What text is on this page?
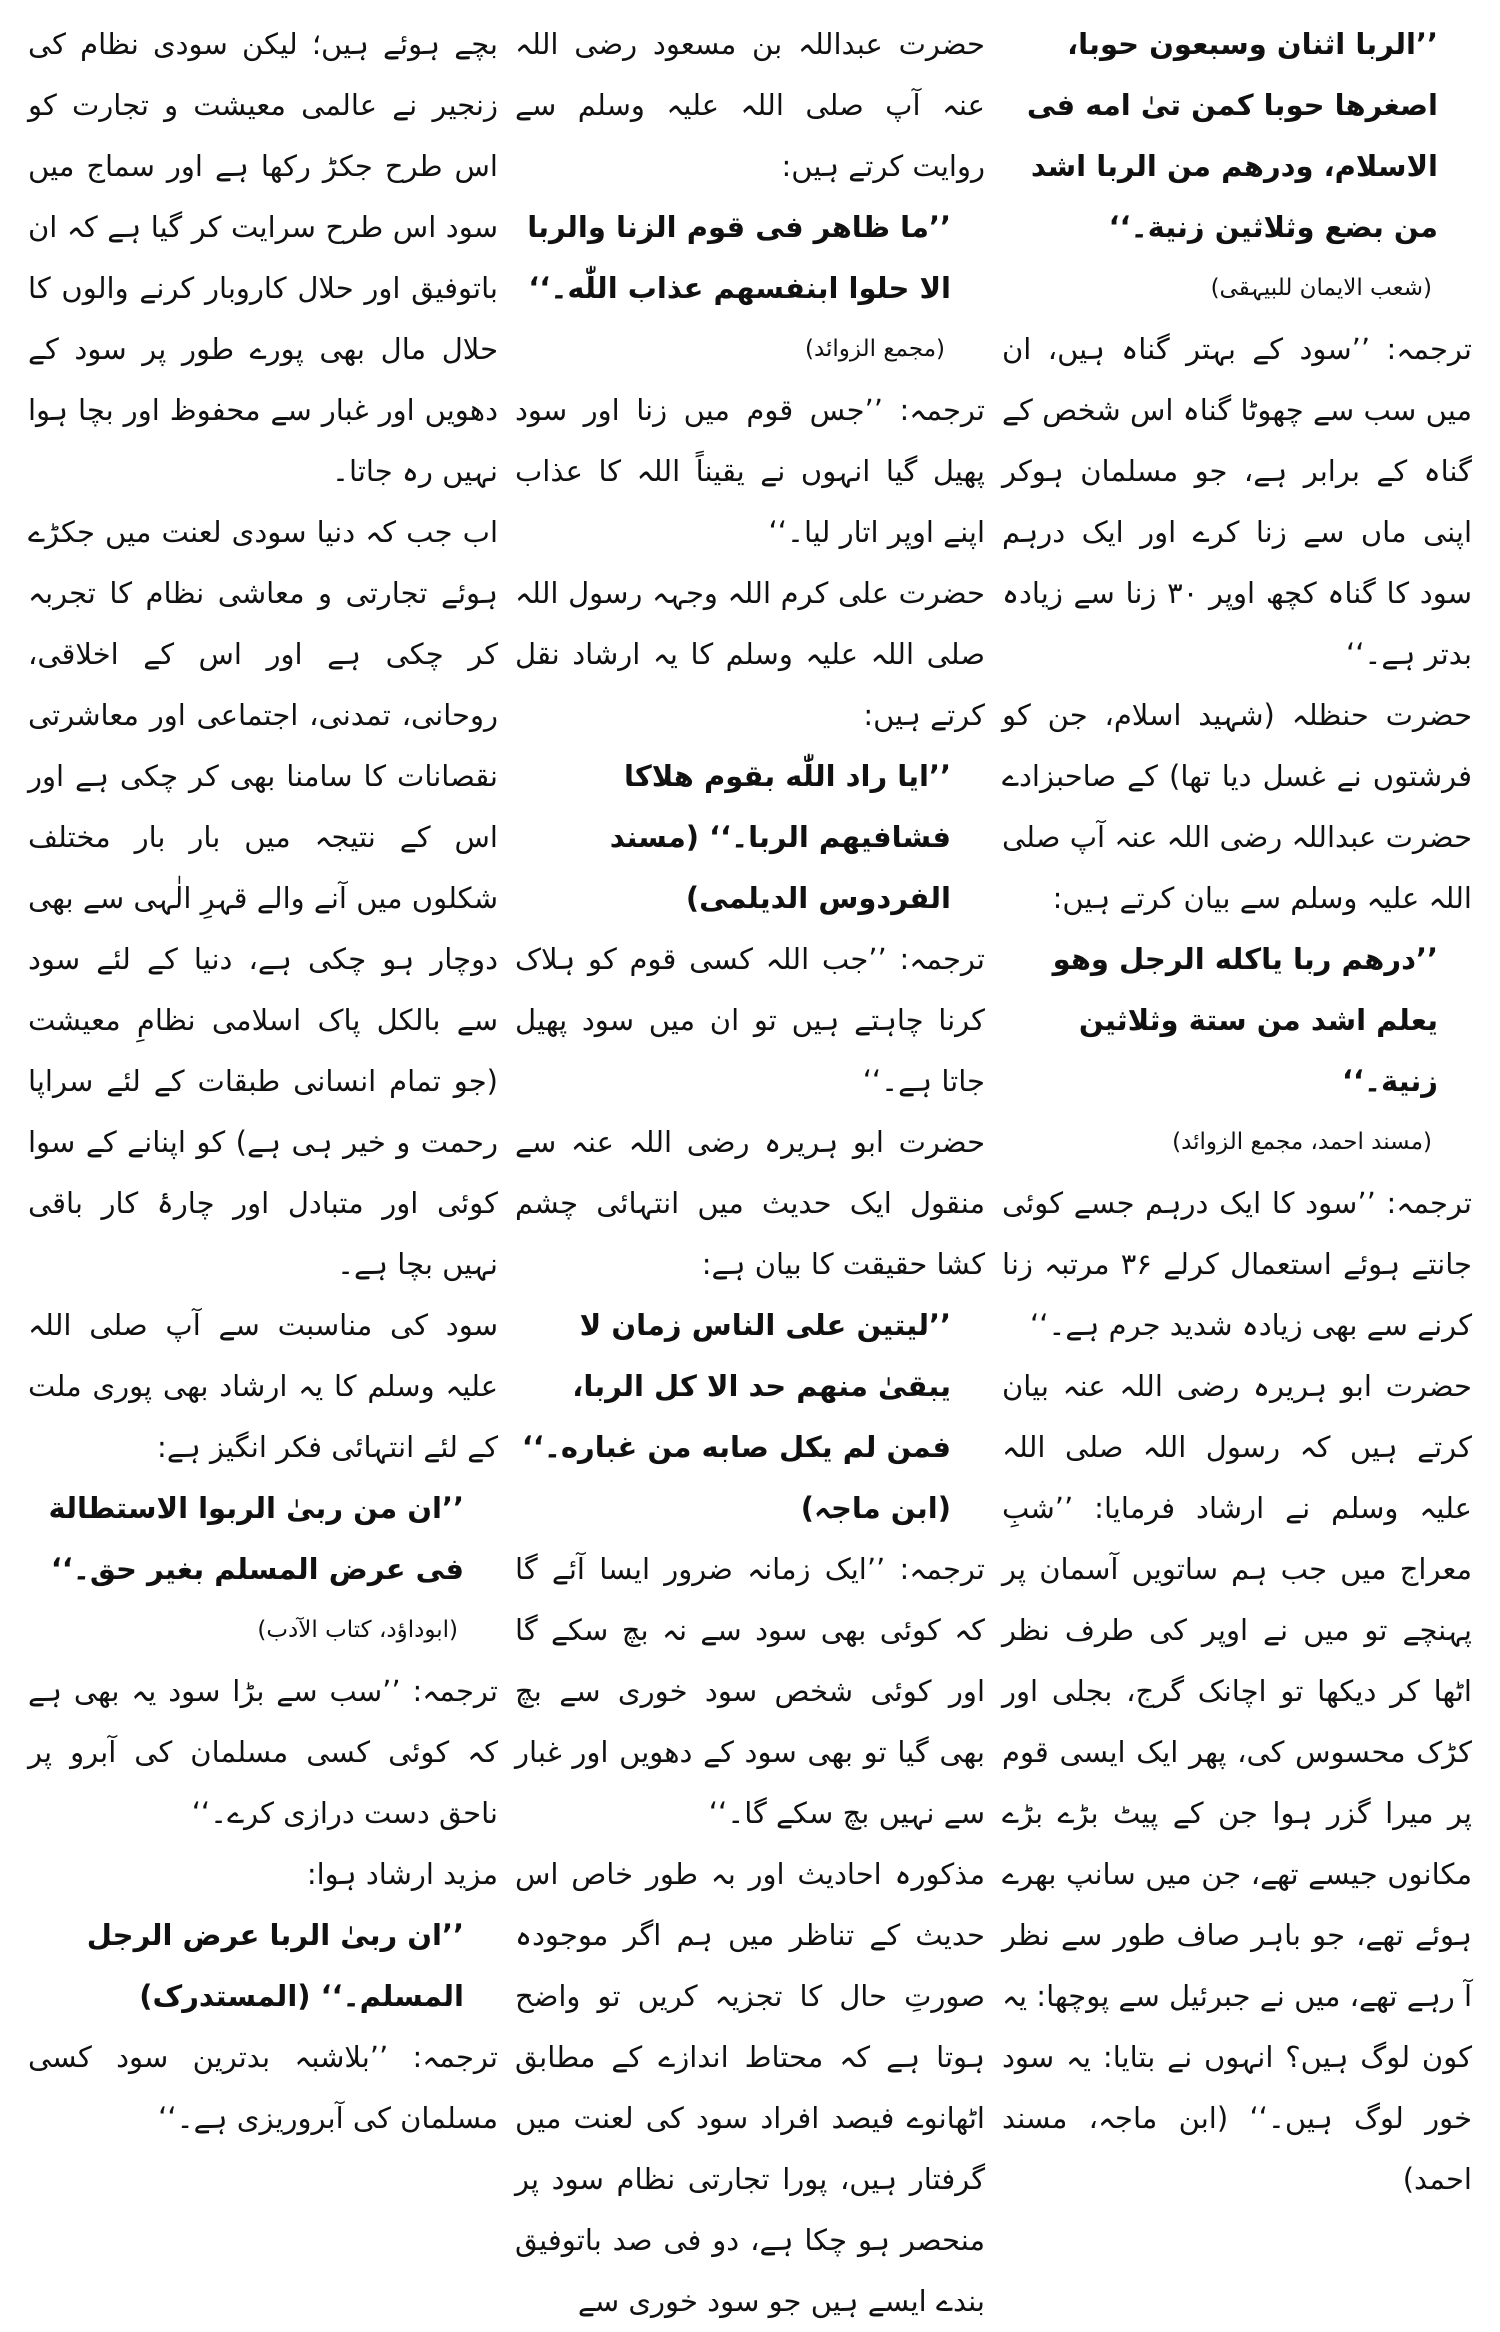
’’الربا اثنان وسبعون حوبا، اصغرها حوبا کمن تیٰ امه فی الاسلام، ودرهم من الربا اشد من بضع وثلاثین زنیة۔‘‘

(شعب الایمان للبیہقی)

ترجمہ: ’’سود کے بہتر گناہ ہیں، ان میں سب سے چھوٹا گناہ اس شخص کے گناہ کے برابر ہے، جو مسلمان ہوکر اپنی ماں سے زنا کرے اور ایک درہم سود کا گناہ کچھ اوپر ۳۰ زنا سے زیادہ بدتر ہے۔‘‘

حضرت حنظلہ (شہید اسلام، جن کو فرشتوں نے غسل دیا تھا) کے صاحبزادے حضرت عبداللہ رضی اللہ عنہ آپ صلی اللہ علیہ وسلم سے بیان کرتے ہیں:

’’درهم ربا یاکله الرجل وهو یعلم اشد من ستة وثلاثین زنیة۔‘‘

(مسند احمد، مجمع الزوائد)

ترجمہ: ’’سود کا ایک درہم جسے کوئی جانتے ہوئے استعمال کرلے ۳۶ مرتبہ زنا کرنے سے بھی زیادہ شدید جرم ہے۔‘‘

حضرت ابو ہریرہ رضی اللہ عنہ بیان کرتے ہیں کہ رسول اللہ صلی اللہ علیہ وسلم نے ارشاد فرمایا: ’’شبِ معراج میں جب ہم ساتویں آسمان پر پہنچے تو میں نے اوپر کی طرف نظر اٹھا کر دیکھا تو اچانک گرج، بجلی اور کڑک محسوس کی، پھر ایک ایسی قوم پر میرا گزر ہوا جن کے پیٹ بڑے بڑے مکانوں جیسے تھے، جن میں سانپ بھرے ہوئے تھے، جو باہر صاف طور سے نظر آ رہے تھے، میں نے جبرئیل سے پوچھا: یہ کون لوگ ہیں؟ انہوں نے بتایا: یہ سود خور لوگ ہیں۔‘‘ (ابن ماجہ، مسند احمد)

حضرت عبداللہ بن مسعود رضی اللہ عنہ آپ صلی اللہ علیہ وسلم سے روایت کرتے ہیں:

’’ما ظاهر فی قوم الزنا والربا الا حلوا ابنفسهم عذاب اللّٰه۔‘‘

(مجمع الزوائد)

ترجمہ: ’’جس قوم میں زنا اور سود پھیل گیا انہوں نے یقیناً اللہ کا عذاب اپنے اوپر اتار لیا۔‘‘

حضرت علی کرم اللہ وجہہ رسول اللہ صلی اللہ علیہ وسلم کا یہ ارشاد نقل کرتے ہیں:

’’ایا راد اللّٰه بقوم هلاکا فشافیهم الربا۔‘‘ (مسند الفردوس الدیلمی)

ترجمہ: ’’جب اللہ کسی قوم کو ہلاک کرنا چاہتے ہیں تو ان میں سود پھیل جاتا ہے۔‘‘

حضرت ابو ہریرہ رضی اللہ عنہ سے منقول ایک حدیث میں انتہائی چشم کشا حقیقت کا بیان ہے:

’’لیتین علی الناس زمان لا یبقیٰ منهم حد الا کل الربا، فمن لم یکل صابه من غباره۔‘‘ (ابن ماجہ)

ترجمہ: ’’ایک زمانہ ضرور ایسا آئے گا کہ کوئی بھی سود سے نہ بچ سکے گا اور کوئی شخص سود خوری سے بچ بھی گیا تو بھی سود کے دھویں اور غبار سے نہیں بچ سکے گا۔‘‘

مذکورہ احادیث اور بہ طور خاص اس حدیث کے تناظر میں ہم اگر موجودہ صورتِ حال کا تجزیہ کریں تو واضح ہوتا ہے کہ محتاط اندازے کے مطابق اٹھانوے فیصد افراد سود کی لعنت میں گرفتار ہیں، پورا تجارتی نظام سود پر منحصر ہو چکا ہے، دو فی صد باتوفیق بندے ایسے ہیں جو سود خوری سے

بچے ہوئے ہیں؛ لیکن سودی نظام کی زنجیر نے عالمی معیشت و تجارت کو اس طرح جکڑ رکھا ہے اور سماج میں سود اس طرح سرایت کر گیا ہے کہ ان باتوفیق اور حلال کاروبار کرنے والوں کا حلال مال بھی پورے طور پر سود کے دھویں اور غبار سے محفوظ اور بچا ہوا نہیں رہ جاتا۔

اب جب کہ دنیا سودی لعنت میں جکڑے ہوئے تجارتی و معاشی نظام کا تجربہ کر چکی ہے اور اس کے اخلاقی، روحانی، تمدنی، اجتماعی اور معاشرتی نقصانات کا سامنا بھی کر چکی ہے اور اس کے نتیجہ میں بار بار مختلف شکلوں میں آنے والے قہرِ الٰہی سے بھی دوچار ہو چکی ہے، دنیا کے لئے سود سے بالکل پاک اسلامی نظامِ معیشت (جو تمام انسانی طبقات کے لئے سراپا رحمت و خیر ہی ہے) کو اپنانے کے سوا کوئی اور متبادل اور چارۂ کار باقی نہیں بچا ہے۔

سود کی مناسبت سے آپ صلی اللہ علیہ وسلم کا یہ ارشاد بھی پوری ملت کے لئے انتہائی فکر انگیز ہے:

’’ان من ربیٰ الربوا الاستطالة فی عرض المسلم بغیر حق۔‘‘

(ابوداؤد، کتاب الآدب)

ترجمہ: ’’سب سے بڑا سود یہ بھی ہے کہ کوئی کسی مسلمان کی آبرو پر ناحق دست درازی کرے۔‘‘

مزید ارشاد ہوا:

’’ان ربیٰ الربا عرض الرجل المسلم۔‘‘ (المستدرک)

ترجمہ: ’’بلاشبہ بدترین سود کسی مسلمان کی آبروریزی ہے۔‘‘
